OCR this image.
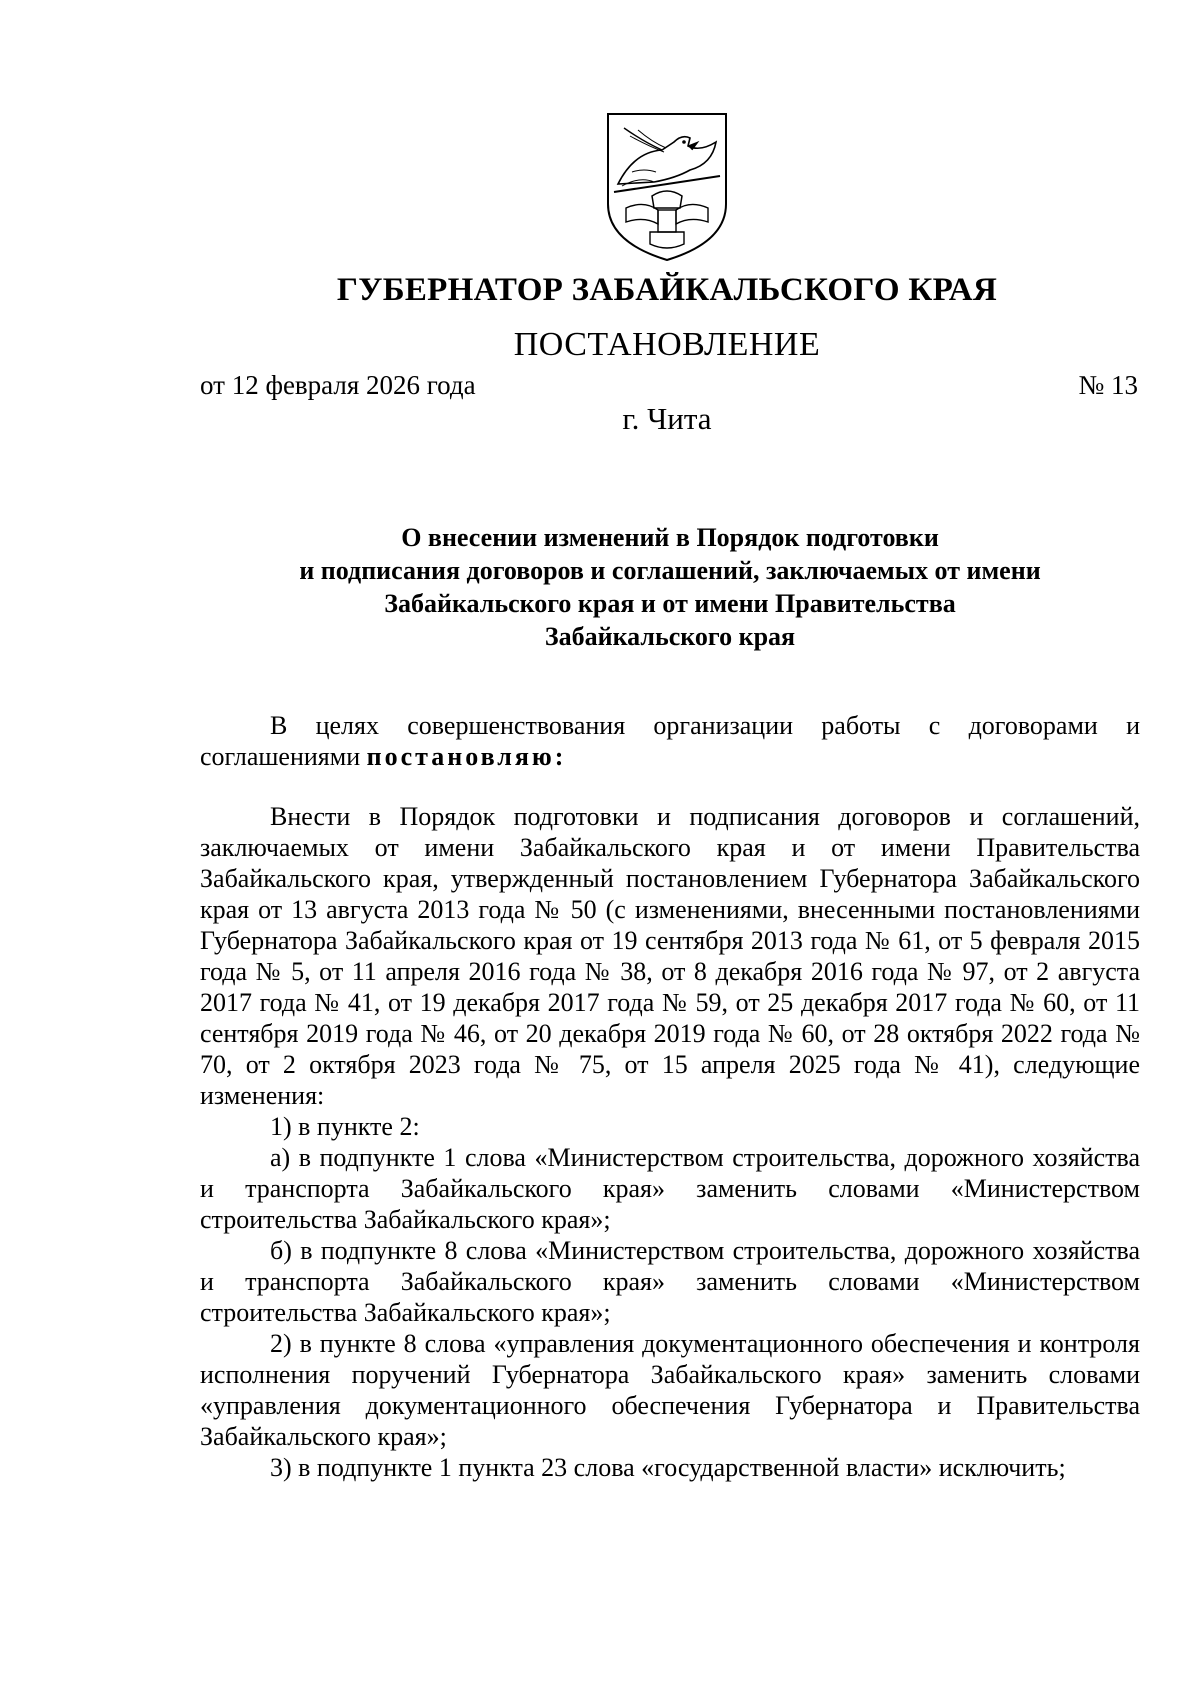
ГУБЕРНАТОР ЗАБАЙКАЛЬСКОГО КРАЯ
ПОСТАНОВЛЕНИЕ
от 12 февраля 2026 года	№ 13
г. Чита
О внесении изменений в Порядок подготовки
и подписания договоров и соглашений, заключаемых от имени
Забайкальского края и от имени Правительства
Забайкальского края

В целях совершенствования организации работы с договорами и соглашениями постановляю:

Внести в Порядок подготовки и подписания договоров и соглашений, заключаемых от имени Забайкальского края и от имени Правительства Забайкальского края, утвержденный постановлением Губернатора Забайкальского края от 13 августа 2013 года № 50 (с изменениями, внесенными постановлениями Губернатора Забайкальского края от 19 сентября 2013 года № 61, от 5 февраля 2015 года № 5, от 11 апреля 2016 года № 38, от 8 декабря 2016 года № 97, от 2 августа 2017 года № 41, от 19 декабря 2017 года № 59, от 25 декабря 2017 года № 60, от 11 сентября 2019 года № 46, от 20 декабря 2019 года № 60, от 28 октября 2022 года № 70, от 2 октября 2023 года № 75, от 15 апреля 2025 года № 41), следующие изменения:

1) в пункте 2:

а) в подпункте 1 слова «Министерством строительства, дорожного хозяйства и транспорта Забайкальского края» заменить словами «Министерством строительства Забайкальского края»;

б) в подпункте 8 слова «Министерством строительства, дорожного хозяйства и транспорта Забайкальского края» заменить словами «Министерством строительства Забайкальского края»;

2) в пункте 8 слова «управления документационного обеспечения и контроля исполнения поручений Губернатора Забайкальского края» заменить словами «управления документационного обеспечения Губернатора и Правительства Забайкальского края»;

3) в подпункте 1 пункта 23 слова «государственной власти» исключить;
